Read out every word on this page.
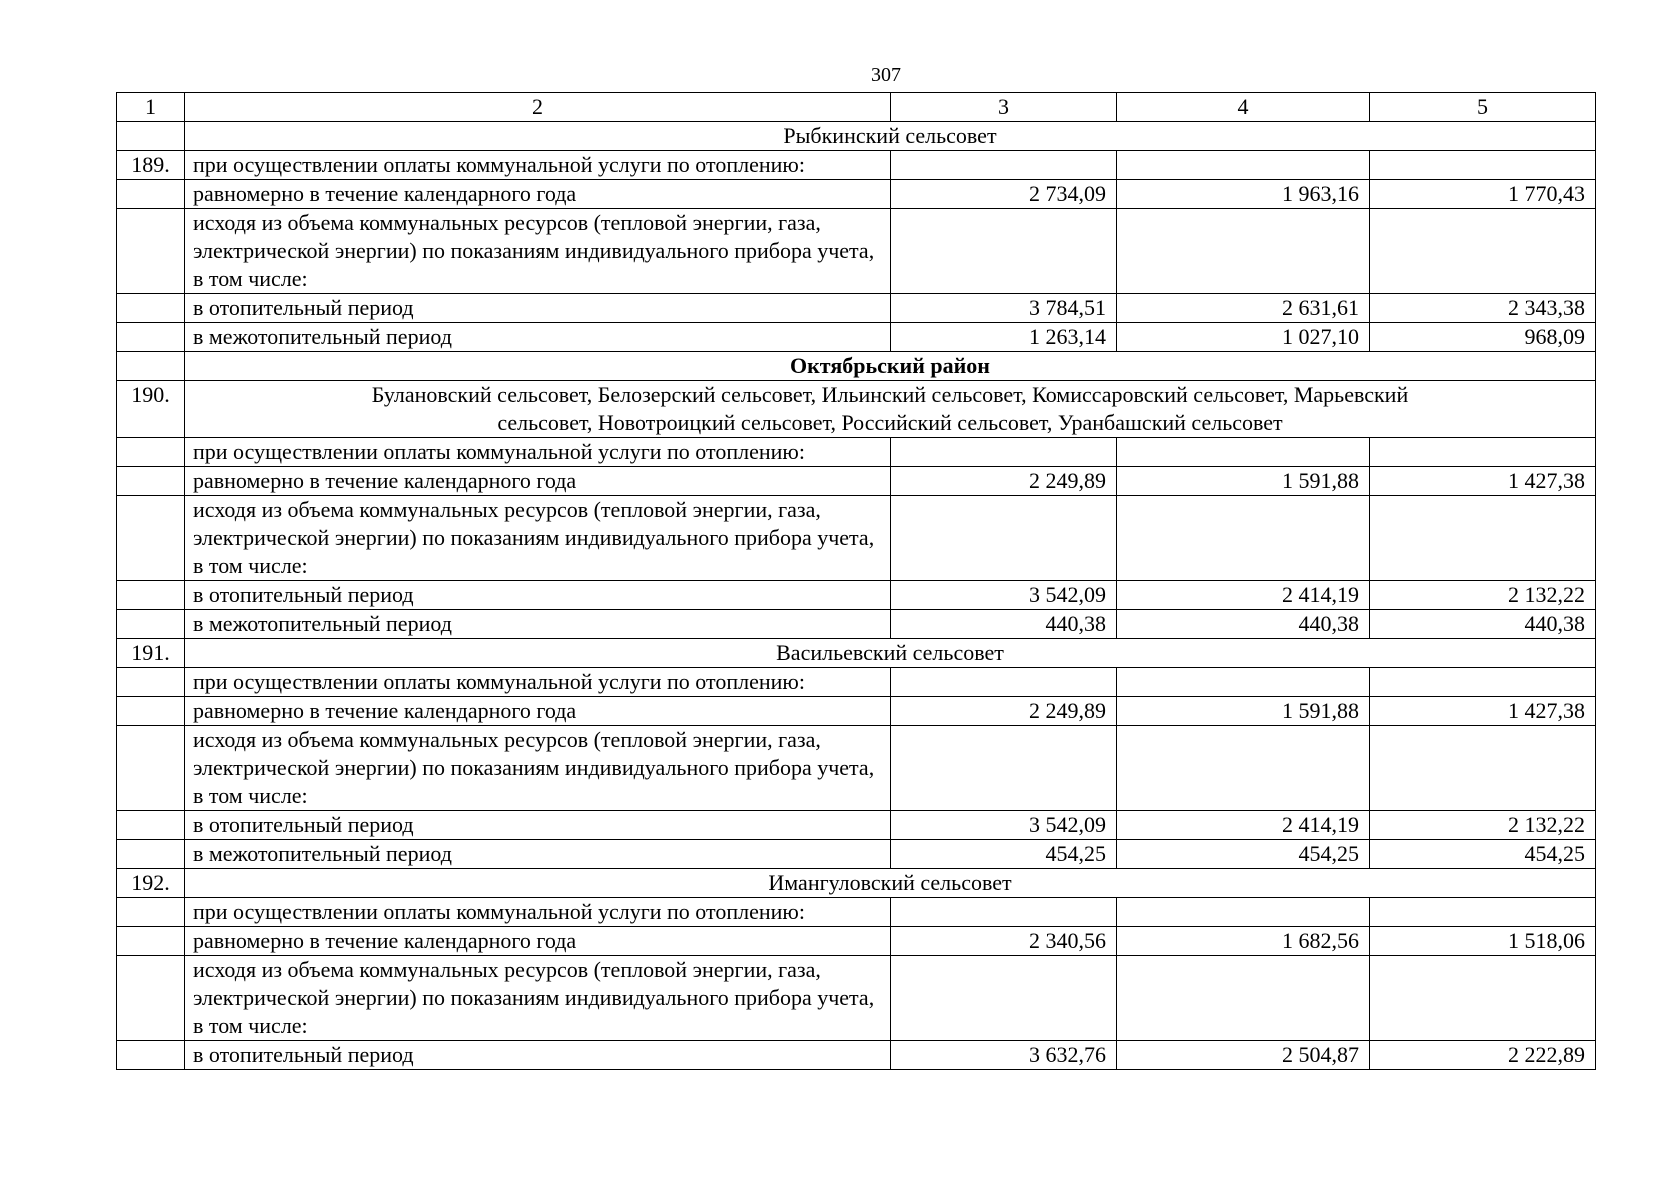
307
1	2	3	4	5
	Рыбкинский сельсовет			
189.	при осуществлении оплаты коммунальной услуги по отоплению:			
	равномерно в течение календарного года	2 734,09	1 963,16	1 770,43
	исходя из объема коммунальных ресурсов (тепловой энергии, газа, электрической энергии) по показаниям индивидуального прибора учета, в том числе:			
	в отопительный период	3 784,51	2 631,61	2 343,38
	в межотопительный период	1 263,14	1 027,10	968,09
	Октябрьский район			
190.	Булановский сельсовет, Белозерский сельсовет, Ильинский сельсовет, Комиссаровский сельсовет, Марьевский сельсовет, Новотроицкий сельсовет, Российский сельсовет, Уранбашский сельсовет			
	при осуществлении оплаты коммунальной услуги по отоплению:			
	равномерно в течение календарного года	2 249,89	1 591,88	1 427,38
	исходя из объема коммунальных ресурсов (тепловой энергии, газа, электрической энергии) по показаниям индивидуального прибора учета, в том числе:			
	в отопительный период	3 542,09	2 414,19	2 132,22
	в межотопительный период	440,38	440,38	440,38
191.	Васильевский сельсовет			
	при осуществлении оплаты коммунальной услуги по отоплению:			
	равномерно в течение календарного года	2 249,89	1 591,88	1 427,38
	исходя из объема коммунальных ресурсов (тепловой энергии, газа, электрической энергии) по показаниям индивидуального прибора учета, в том числе:			
	в отопительный период	3 542,09	2 414,19	2 132,22
	в межотопительный период	454,25	454,25	454,25
192.	Имангуловский сельсовет			
	при осуществлении оплаты коммунальной услуги по отоплению:			
	равномерно в течение календарного года	2 340,56	1 682,56	1 518,06
	исходя из объема коммунальных ресурсов (тепловой энергии, газа, электрической энергии) по показаниям индивидуального прибора учета, в том числе:			
	в отопительный период	3 632,76	2 504,87	2 222,89
